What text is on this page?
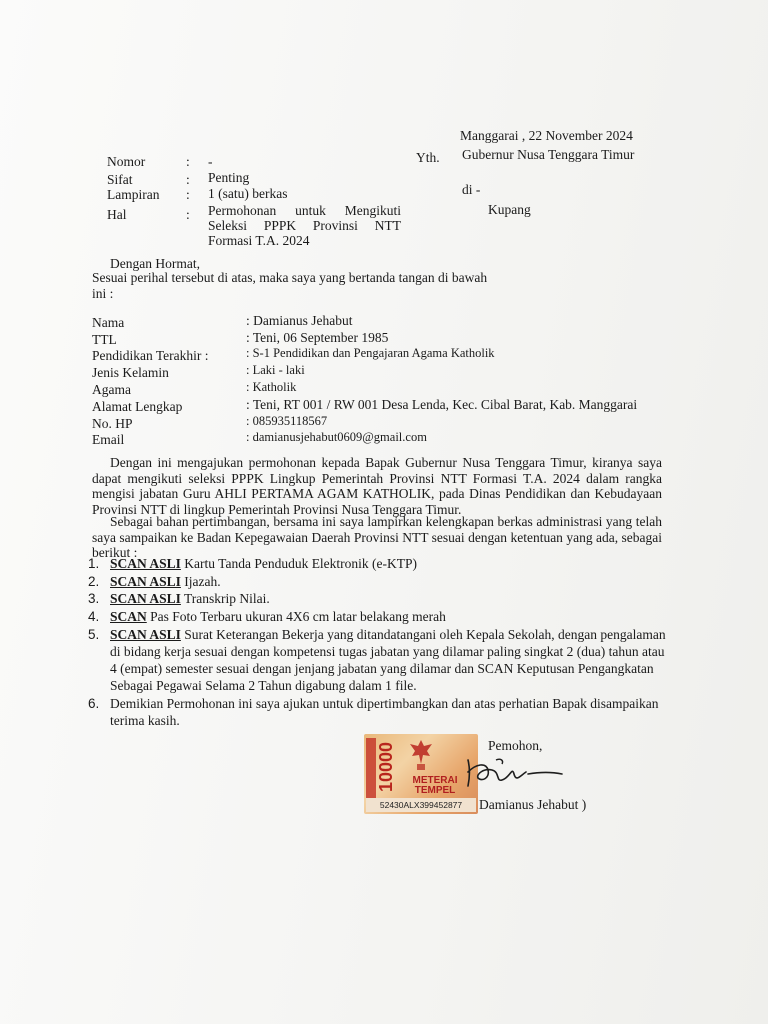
Manggarai , 22 November 2024
Nomor	: -
Sifat	: Penting
Lampiran : 1 (satu) berkas
Hal	: Permohonan untuk Mengikuti
Seleksi PPPK Provinsi NTT
Formasi T.A. 2024
Yth. Gubernur Nusa Tenggara Timur
di -
Kupang
Dengan Hormat,
Sesuai perihal tersebut di atas, maka saya yang bertanda tangan di bawah
ini :
Nama	: Damianus Jehabut
TTL	: Teni, 06 September 1985
Pendidikan Terakhir :	: S-1 Pendidikan dan Pengajaran Agama Katholik
Jenis Kelamin	: Laki - laki
Agama	: Katholik
Alamat Lengkap	: Teni, RT 001 / RW 001 Desa Lenda, Kec. Cibal Barat, Kab. Manggarai
No. HP	: 085935118567
Email	: damianusjehabut0609@gmail.com
Dengan ini mengajukan permohonan kepada Bapak Gubernur Nusa Tenggara Timur, kiranya saya dapat mengikuti seleksi PPPK Lingkup Pemerintah Provinsi NTT Formasi T.A. 2024 dalam rangka mengisi jabatan Guru AHLI PERTAMA AGAM KATHOLIK, pada Dinas Pendidikan dan Kebudayaan Provinsi NTT di lingkup Pemerintah Provinsi Nusa Tenggara Timur.
Sebagai bahan pertimbangan, bersama ini saya lampirkan kelengkapan berkas administrasi yang telah saya sampaikan ke Badan Kepegawaian Daerah Provinsi NTT sesuai dengan ketentuan yang ada, sebagai berikut :
1. SCAN ASLI Kartu Tanda Penduduk Elektronik (e-KTP)
2. SCAN ASLI Ijazah.
3. SCAN ASLI Transkrip Nilai.
4. SCAN Pas Foto Terbaru ukuran 4X6 cm latar belakang merah
5. SCAN ASLI Surat Keterangan Bekerja yang ditandatangani oleh Kepala Sekolah, dengan pengalaman di bidang kerja sesuai dengan kompetensi tugas jabatan yang dilamar paling singkat 2 (dua) tahun atau 4 (empat) semester sesuai dengan jenjang jabatan yang dilamar dan SCAN Keputusan Pengangkatan Sebagai Pegawai Selama 2 Tahun digabung dalam 1 file.
6. Demikian Permohonan ini saya ajukan untuk dipertimbangkan dan atas perhatian Bapak disampaikan terima kasih.
10000	METERAI
TEMPEL
52430ALX399452877
Pemohon,
Damianus Jehabut )
